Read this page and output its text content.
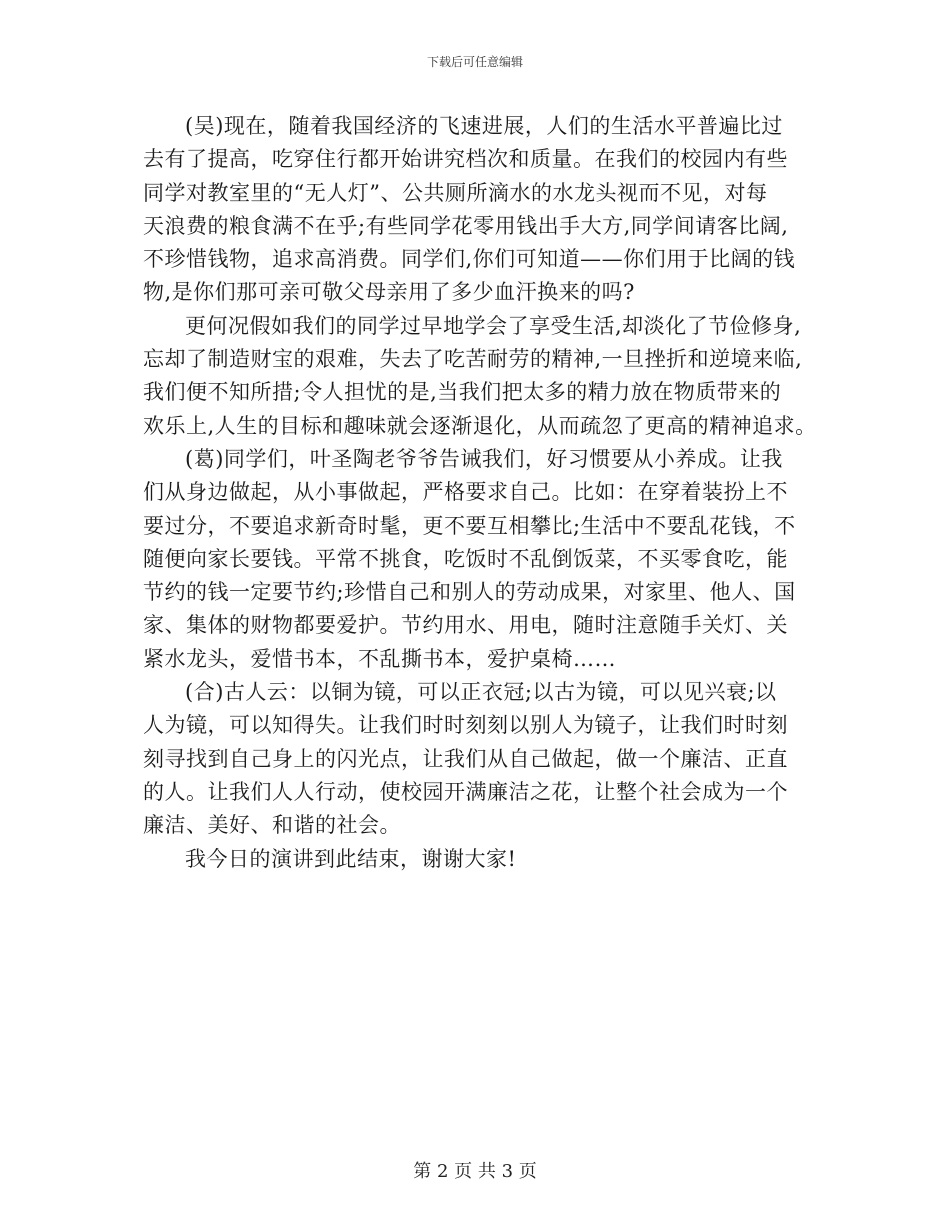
下载后可任意编辑
(吴)现在，随着我国经济的飞速进展，人们的生活水平普遍比过
去有了提高，吃穿住行都开始讲究档次和质量。在我们的校园内有些
同学对教室里的“无人灯”、公共厕所滴水的水龙头视而不见，对每
天浪费的粮食满不在乎;有些同学花零用钱出手大方,同学间请客比阔,
不珍惜钱物，追求高消费。同学们,你们可知道——你们用于比阔的钱
物,是你们那可亲可敬父母亲用了多少血汗换来的吗?
更何况假如我们的同学过早地学会了享受生活,却淡化了节俭修身,
忘却了制造财宝的艰难，失去了吃苦耐劳的精神,一旦挫折和逆境来临,
我们便不知所措;令人担忧的是,当我们把太多的精力放在物质带来的
欢乐上,人生的目标和趣味就会逐渐退化，从而疏忽了更高的精神追求。
(葛)同学们，叶圣陶老爷爷告诫我们，好习惯要从小养成。让我
们从身边做起，从小事做起，严格要求自己。比如：在穿着装扮上不
要过分，不要追求新奇时髦，更不要互相攀比;生活中不要乱花钱，不
随便向家长要钱。平常不挑食，吃饭时不乱倒饭菜，不买零食吃，能
节约的钱一定要节约;珍惜自己和别人的劳动成果，对家里、他人、国
家、集体的财物都要爱护。节约用水、用电，随时注意随手关灯、关
紧水龙头，爱惜书本，不乱撕书本，爱护桌椅……
(合)古人云：以铜为镜，可以正衣冠;以古为镜，可以见兴衰;以
人为镜，可以知得失。让我们时时刻刻以别人为镜子，让我们时时刻
刻寻找到自己身上的闪光点，让我们从自己做起，做一个廉洁、正直
的人。让我们人人行动，使校园开满廉洁之花，让整个社会成为一个
廉洁、美好、和谐的社会。
我今日的演讲到此结束，谢谢大家!
第 2 页 共 3 页
